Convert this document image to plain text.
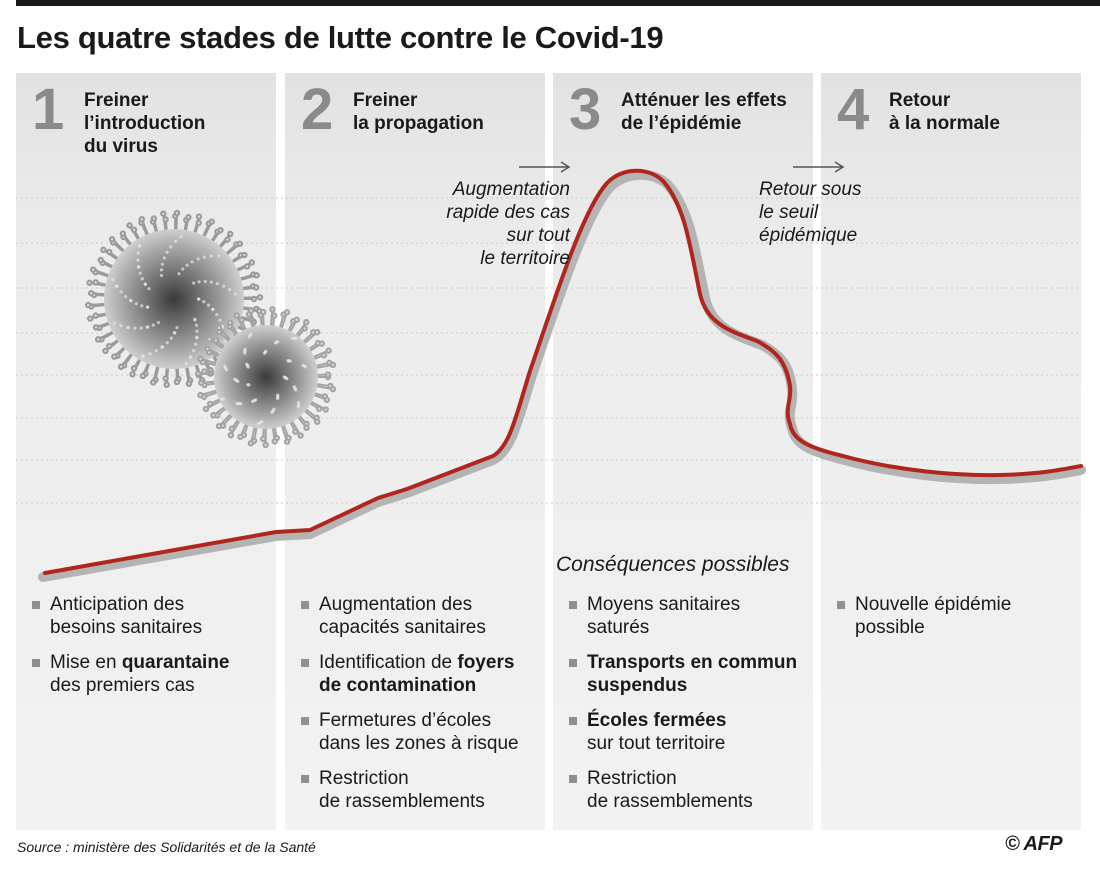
Les quatre stades de lutte contre le Covid-19
1 Freiner
l’introduction
du virus
2 Freiner
la propagation 3 Atténuer les effets
de l’épidémie	4 Retour
à la normale
Augmentation
rapide des cas
sur tout
le territoire
Retour sous
le seuil
épidémique
Conséquences possibles
Anticipation des
besoins sanitaires
Mise en quarantaine
des premiers cas
Augmentation des
capacités sanitaires
Identification de foyers
de contamination
Fermetures d’écoles
dans les zones à risque
Restriction
de rassemblements
Moyens sanitaires
saturés
Transports en commun
suspendus
Écoles fermées
sur tout territoire
Restriction
de rassemblements
Nouvelle épidémie
possible
Source : ministère des Solidarités et de la Santé	© AFP
